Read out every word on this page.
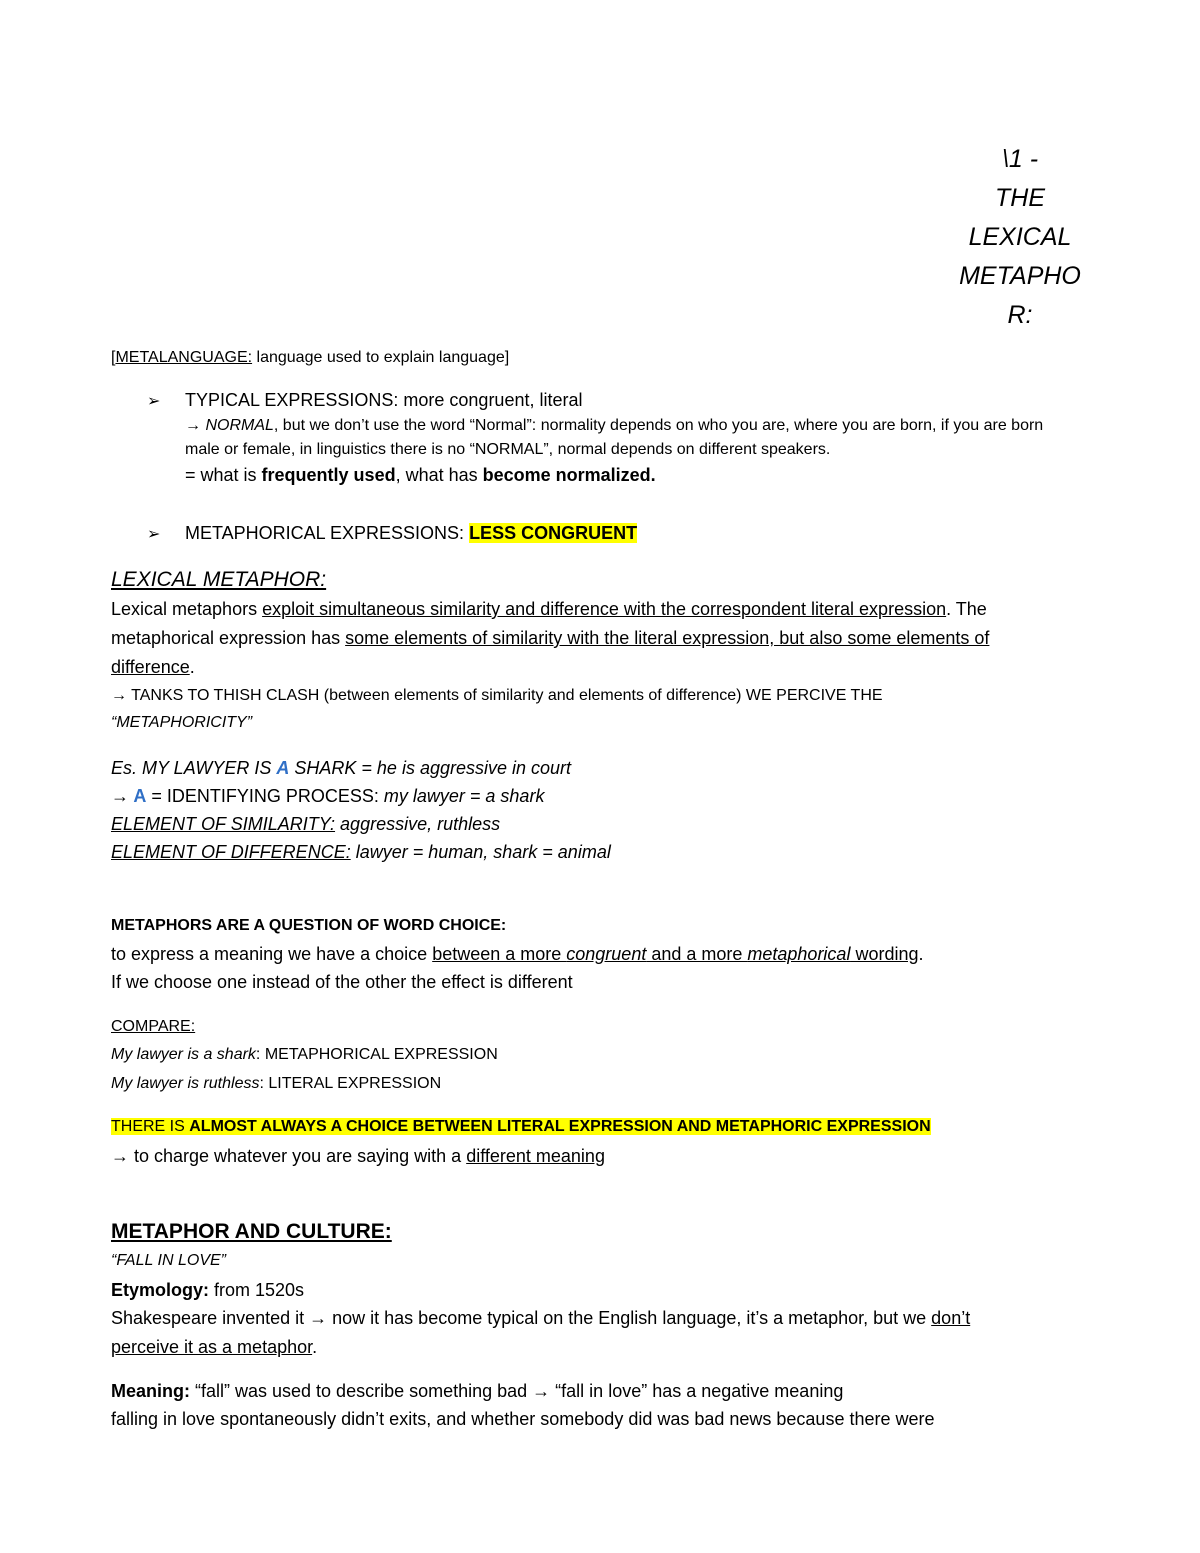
\1 -
THE
LEXICAL
METAPHO
R:
[METALANGUAGE: language used to explain language]
➢ TYPICAL EXPRESSIONS: more congruent, literal
→ NORMAL, but we don’t use the word “Normal”: normality depends on who you are, where you are born, if you are born
male or female, in linguistics there is no “NORMAL”, normal depends on different speakers.
= what is frequently used, what has become normalized.
➢ METAPHORICAL EXPRESSIONS: LESS CONGRUENT
LEXICAL METAPHOR:
Lexical metaphors exploit simultaneous similarity and difference with the correspondent literal expression. The
metaphorical expression has some elements of similarity with the literal expression, but also some elements of
difference.
→ TANKS TO THISH CLASH (between elements of similarity and elements of difference) WE PERCIVE THE
“METAPHORICITY”
Es. MY LAWYER IS A SHARK = he is aggressive in court
→ A = IDENTIFYING PROCESS: my lawyer = a shark
ELEMENT OF SIMILARITY: aggressive, ruthless
ELEMENT OF DIFFERENCE: lawyer = human, shark = animal
METAPHORS ARE A QUESTION OF WORD CHOICE:
to express a meaning we have a choice between a more congruent and a more metaphorical wording.
If we choose one instead of the other the effect is different
COMPARE:
My lawyer is a shark: METAPHORICAL EXPRESSION
My lawyer is ruthless: LITERAL EXPRESSION
THERE IS ALMOST ALWAYS A CHOICE BETWEEN LITERAL EXPRESSION AND METAPHORIC EXPRESSION
→ to charge whatever you are saying with a different meaning
METAPHOR AND CULTURE:
“FALL IN LOVE”
Etymology: from 1520s
Shakespeare invented it → now it has become typical on the English language, it’s a metaphor, but we don’t
perceive it as a metaphor.
Meaning: “fall” was used to describe something bad → “fall in love” has a negative meaning
falling in love spontaneously didn’t exits, and whether somebody did was bad news because there were
